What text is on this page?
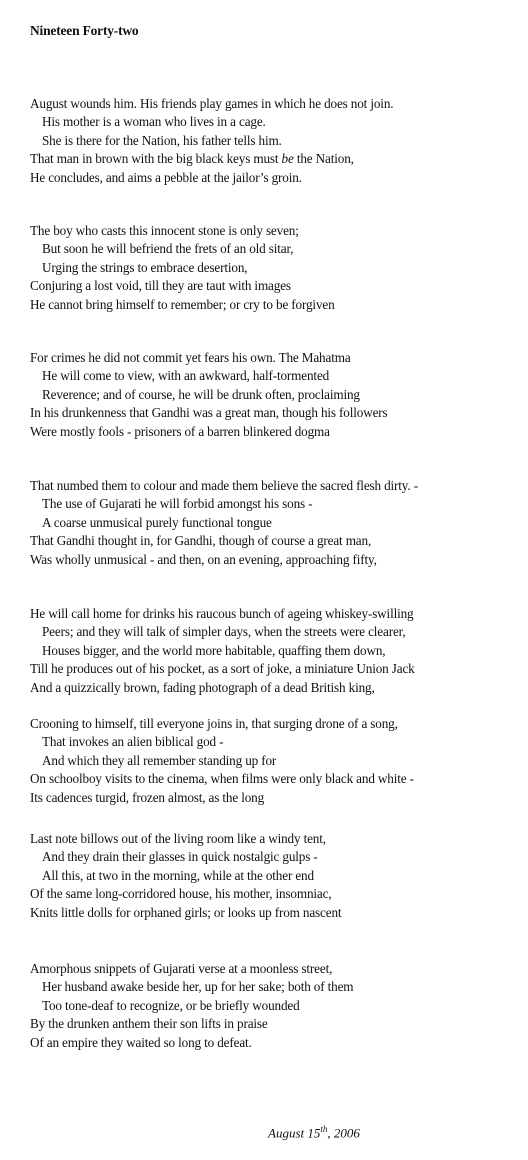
Nineteen Forty-two
August wounds him. His friends play games in which he does not join.
His mother is a woman who lives in a cage.
She is there for the Nation, his father tells him.
That man in brown with the big black keys must be the Nation,
He concludes, and aims a pebble at the jailor’s groin.
The boy who casts this innocent stone is only seven;
But soon he will befriend the frets of an old sitar,
Urging the strings to embrace desertion,
Conjuring a lost void, till they are taut with images
He cannot bring himself to remember; or cry to be forgiven
For crimes he did not commit yet fears his own. The Mahatma
He will come to view, with an awkward, half-tormented
Reverence; and of course, he will be drunk often, proclaiming
In his drunkenness that Gandhi was a great man, though his followers
Were mostly fools - prisoners of a barren blinkered dogma
That numbed them to colour and made them believe the sacred flesh dirty. -
The use of Gujarati he will forbid amongst his sons -
A coarse unmusical purely functional tongue
That Gandhi thought in, for Gandhi, though of course a great man,
Was wholly unmusical - and then, on an evening, approaching fifty,
He will call home for drinks his raucous bunch of ageing whiskey-swilling
Peers; and they will talk of simpler days, when the streets were clearer,
Houses bigger, and the world more habitable, quaffing them down,
Till he produces out of his pocket, as a sort of joke, a miniature Union Jack
And a quizzically brown, fading photograph of a dead British king,
Crooning to himself, till everyone joins in, that surging drone of a song,
That invokes an alien biblical god -
And which they all remember standing up for
On schoolboy visits to the cinema, when films were only black and white -
Its cadences turgid, frozen almost, as the long
Last note billows out of the living room like a windy tent,
And they drain their glasses in quick nostalgic gulps -
All this, at two in the morning, while at the other end
Of the same long-corridored house, his mother, insomniac,
Knits little dolls for orphaned girls; or looks up from nascent
Amorphous snippets of Gujarati verse at a moonless street,
Her husband awake beside her, up for her sake; both of them
Too tone-deaf to recognize, or be briefly wounded
By the drunken anthem their son lifts in praise
Of an empire they waited so long to defeat.
August 15th, 2006
